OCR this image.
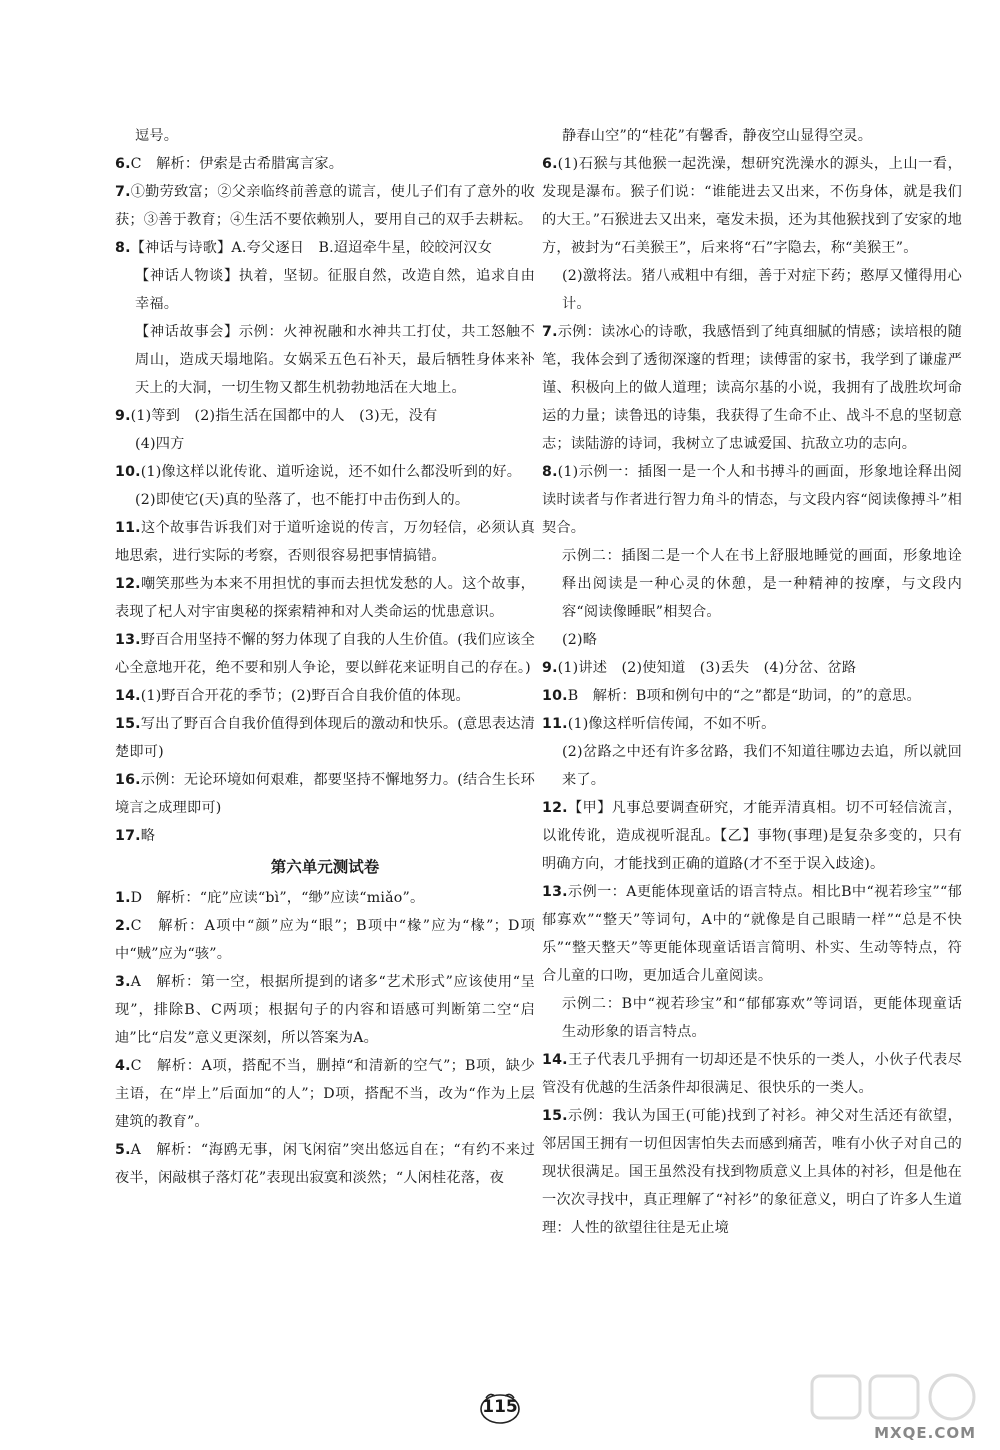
逗号。

6.C　解析：伊索是古希腊寓言家。

7.①勤劳致富；②父亲临终前善意的谎言，使儿子们有了意外的收获；③善于教育；④生活不要依赖别人，要用自己的双手去耕耘。

8.【神话与诗歌】A.夸父逐日　B.迢迢牵牛星，皎皎河汉女

【神话人物谈】执着，坚韧。征服自然，改造自然，追求自由幸福。

【神话故事会】示例：火神祝融和水神共工打仗，共工怒触不周山，造成天塌地陷。女娲采五色石补天，最后牺牲身体来补天上的大洞，一切生物又都生机勃勃地活在大地上。

9.(1)等到　(2)指生活在国都中的人　(3)无，没有

(4)四方

10.(1)像这样以讹传讹、道听途说，还不如什么都没听到的好。

(2)即使它(天)真的坠落了，也不能打中击伤到人的。

11.这个故事告诉我们对于道听途说的传言，万勿轻信，必须认真地思索，进行实际的考察，否则很容易把事情搞错。

12.嘲笑那些为本来不用担忧的事而去担忧发愁的人。这个故事，表现了杞人对宇宙奥秘的探索精神和对人类命运的忧患意识。

13.野百合用坚持不懈的努力体现了自我的人生价值。(我们应该全心全意地开花，绝不要和别人争论，要以鲜花来证明自己的存在。)

14.(1)野百合开花的季节；(2)野百合自我价值的体现。

15.写出了野百合自我价值得到体现后的激动和快乐。(意思表达清楚即可)

16.示例：无论环境如何艰难，都要坚持不懈地努力。(结合生长环境言之成理即可)

17.略

第六单元测试卷

1.D　解析：“庇”应读“bì”，“缈”应读“miǎo”。

2.C　解析：A项中“颜”应为“眼”；B项中“椽”应为“椽”；D项中“贼”应为“骇”。

3.A　解析：第一空，根据所提到的诸多“艺术形式”应该使用“呈现”，排除B、C两项；根据句子的内容和语感可判断第二空“启迪”比“启发”意义更深刻，所以答案为A。

4.C　解析：A项，搭配不当，删掉“和清新的空气”；B项，缺少主语，在“岸上”后面加“的人”；D项，搭配不当，改为“作为上层建筑的教育”。

5.A　解析：“海鸥无事，闲飞闲宿”突出悠远自在；“有约不来过夜半，闲敲棋子落灯花”表现出寂寞和淡然；“人闲桂花落，夜

静春山空”的“桂花”有馨香，静夜空山显得空灵。

6.(1)石猴与其他猴一起洗澡，想研究洗澡水的源头，上山一看，发现是瀑布。猴子们说：“谁能进去又出来，不伤身体，就是我们的大王。”石猴进去又出来，毫发未损，还为其他猴找到了安家的地方，被封为“石美猴王”，后来将“石”字隐去，称“美猴王”。

(2)激将法。猪八戒粗中有细，善于对症下药；憨厚又懂得用心计。

7.示例：读冰心的诗歌，我感悟到了纯真细腻的情感；读培根的随笔，我体会到了透彻深邃的哲理；读傅雷的家书，我学到了谦虚严谨、积极向上的做人道理；读高尔基的小说，我拥有了战胜坎坷命运的力量；读鲁迅的诗集，我获得了生命不止、战斗不息的坚韧意志；读陆游的诗词，我树立了忠诚爱国、抗敌立功的志向。

8.(1)示例一：插图一是一个人和书搏斗的画面，形象地诠释出阅读时读者与作者进行智力角斗的情态，与文段内容“阅读像搏斗”相契合。

示例二：插图二是一个人在书上舒服地睡觉的画面，形象地诠释出阅读是一种心灵的休憩，是一种精神的按摩，与文段内容“阅读像睡眠”相契合。

(2)略

9.(1)讲述　(2)使知道　(3)丢失　(4)分岔、岔路

10.B　解析：B项和例句中的“之”都是“助词，的”的意思。

11.(1)像这样听信传闻，不如不听。

(2)岔路之中还有许多岔路，我们不知道往哪边去追，所以就回来了。

12.【甲】凡事总要调查研究，才能弄清真相。切不可轻信流言，以讹传讹，造成视听混乱。【乙】事物(事理)是复杂多变的，只有明确方向，才能找到正确的道路(才不至于误入歧途)。

13.示例一：A更能体现童话的语言特点。相比B中“视若珍宝”“郁郁寡欢”“整天”等词句，A中的“就像是自己眼睛一样”“总是不快乐”“整天整天”等更能体现童话语言简明、朴实、生动等特点，符合儿童的口吻，更加适合儿童阅读。

示例二：B中“视若珍宝”和“郁郁寡欢”等词语，更能体现童话生动形象的语言特点。

14.王子代表几乎拥有一切却还是不快乐的一类人，小伙子代表尽管没有优越的生活条件却很满足、很快乐的一类人。

15.示例：我认为国王(可能)找到了衬衫。神父对生活还有欲望，邻居国王拥有一切但因害怕失去而感到痛苦，唯有小伙子对自己的现状很满足。国王虽然没有找到物质意义上具体的衬衫，但是他在一次次寻找中，真正理解了“衬衫”的象征意义，明白了许多人生道理：人性的欲望往往是无止境

115
MXQE.COM
